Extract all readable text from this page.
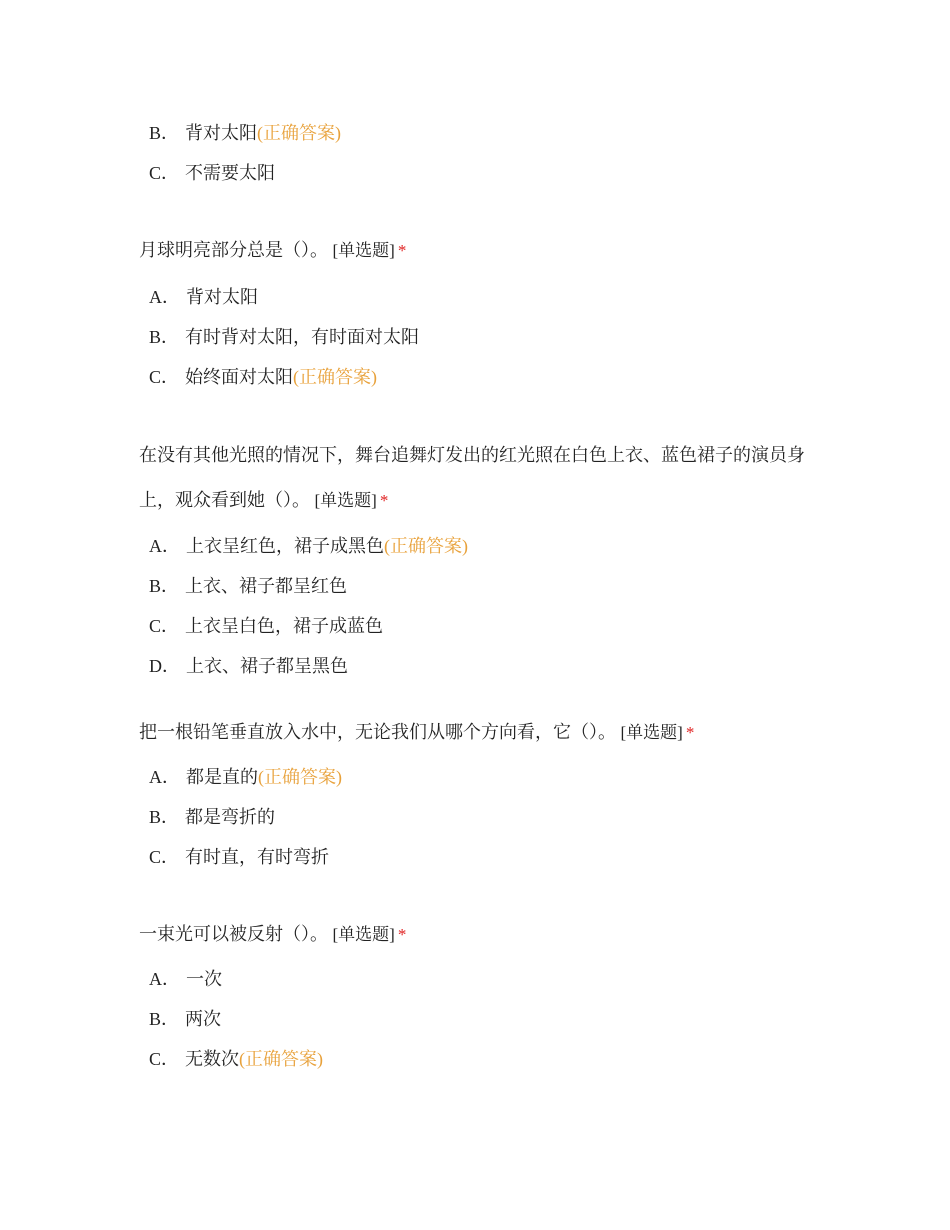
B． 背对太阳(正确答案)
C． 不需要太阳

月球明亮部分总是（）。 [单选题] *

A． 背对太阳
B． 有时背对太阳，有时面对太阳
C． 始终面对太阳(正确答案)

在没有其他光照的情况下，舞台追舞灯发出的红光照在白色上衣、蓝色裙子的演员身上，观众看到她（）。 [单选题] *

A． 上衣呈红色，裙子成黑色(正确答案)
B． 上衣、裙子都呈红色
C． 上衣呈白色，裙子成蓝色
D． 上衣、裙子都呈黑色

把一根铅笔垂直放入水中，无论我们从哪个方向看，它（）。 [单选题] *

A． 都是直的(正确答案)
B． 都是弯折的
C． 有时直，有时弯折

一束光可以被反射（）。 [单选题] *

A． 一次
B． 两次
C． 无数次(正确答案)
